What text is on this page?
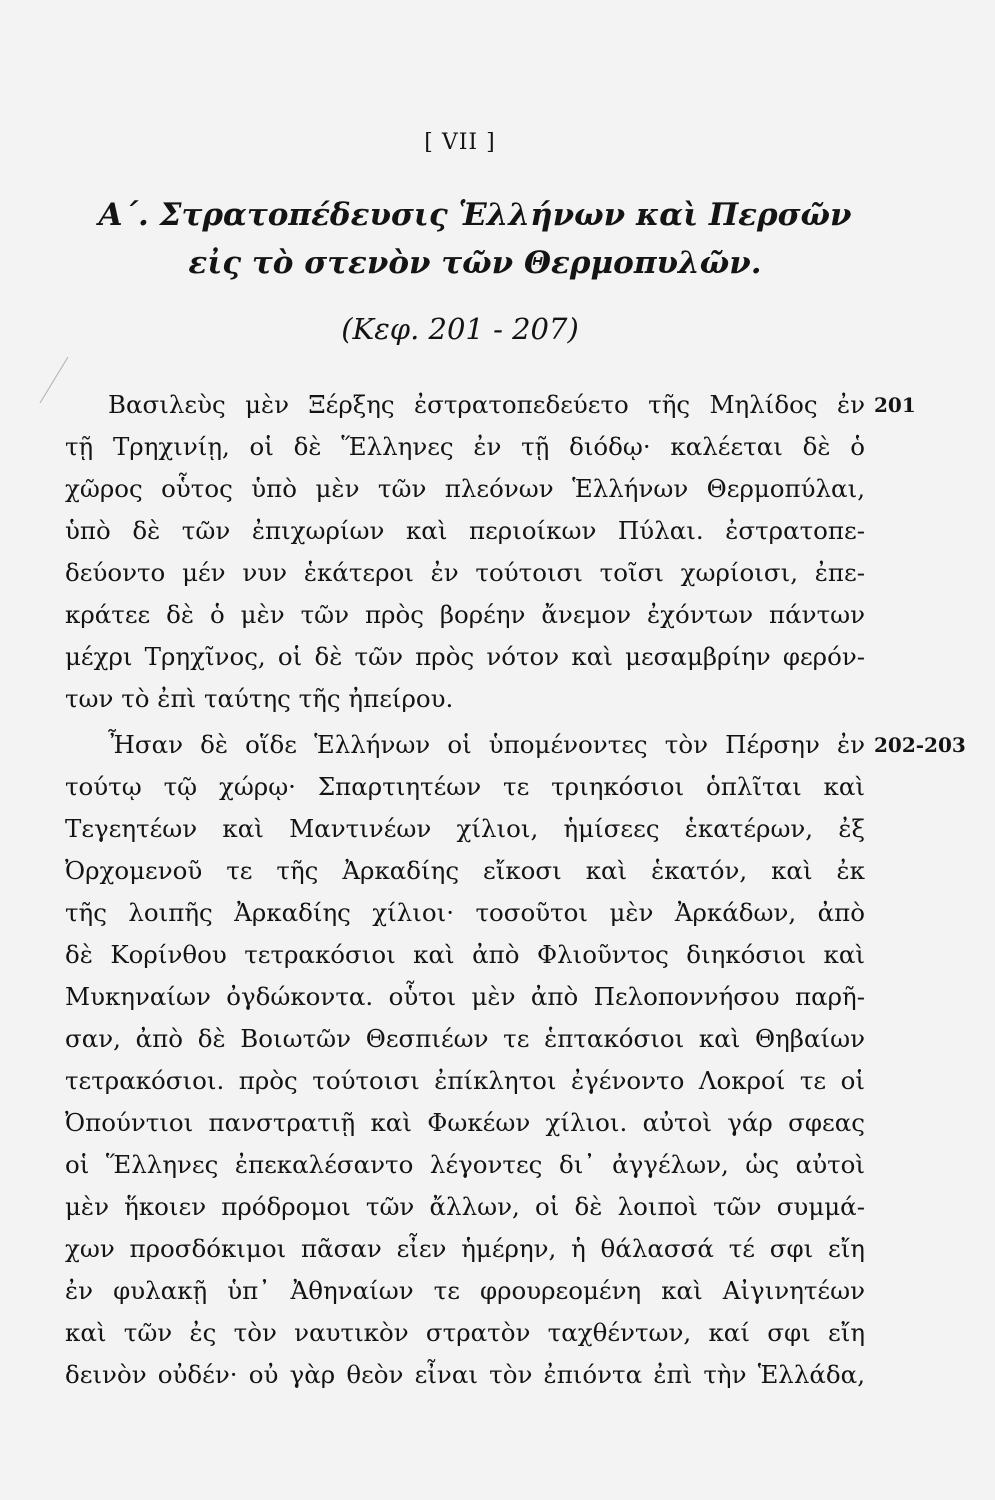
[ VII ]
Α΄. Στρατοπέδευσις Ἑλλήνων καὶ Περσῶν
εἰς τὸ στενὸν τῶν Θερμοπυλῶν.
(Κεφ. 201 - 207)
201
202-203
Βασιλεὺς μὲν Ξέρξης ἐστρατοπεδεύετο τῆς Μηλίδος ἐν
τῇ Τρηχινίῃ, οἱ δὲ Ἕλληνες ἐν τῇ διόδῳ· καλέεται δὲ ὁ
χῶρος οὗτος ὑπὸ μὲν τῶν πλεόνων Ἑλλήνων Θερμοπύλαι,
ὑπὸ δὲ τῶν ἐπιχωρίων καὶ περιοίκων Πύλαι. ἐστρατοπε-
δεύοντο μέν νυν ἑκάτεροι ἐν τούτοισι τοῖσι χωρίοισι, ἐπε-
κράτεε δὲ ὁ μὲν τῶν πρὸς βορέην ἄνεμον ἐχόντων πάντων
μέχρι Τρηχῖνος, οἱ δὲ τῶν πρὸς νότον καὶ μεσαμβρίην φερόν-
των τὸ ἐπὶ ταύτης τῆς ἠπείρου.
Ἦσαν δὲ οἵδε Ἑλλήνων οἱ ὑπομένοντες τὸν Πέρσην ἐν
τούτῳ τῷ χώρῳ· Σπαρτιητέων τε τριηκόσιοι ὁπλῖται καὶ
Τεγεητέων καὶ Μαντινέων χίλιοι, ἡμίσεες ἑκατέρων, ἐξ
Ὀρχομενοῦ τε τῆς Ἀρκαδίης εἴκοσι καὶ ἑκατόν, καὶ ἐκ
τῆς λοιπῆς Ἀρκαδίης χίλιοι· τοσοῦτοι μὲν Ἀρκάδων, ἀπὸ
δὲ Κορίνθου τετρακόσιοι καὶ ἀπὸ Φλιοῦντος διηκόσιοι καὶ
Μυκηναίων ὀγδώκοντα. οὗτοι μὲν ἀπὸ Πελοποννήσου παρῆ-
σαν, ἀπὸ δὲ Βοιωτῶν Θεσπιέων τε ἑπτακόσιοι καὶ Θηβαίων
τετρακόσιοι. πρὸς τούτοισι ἐπίκλητοι ἐγένοντο Λοκροί τε οἱ
Ὀπούντιοι πανστρατιῇ καὶ Φωκέων χίλιοι. αὐτοὶ γάρ σφεας
οἱ Ἕλληνες ἐπεκαλέσαντο λέγοντες δι᾽ ἀγγέλων, ὡς αὐτοὶ
μὲν ἥκοιεν πρόδρομοι τῶν ἄλλων, οἱ δὲ λοιποὶ τῶν συμμά-
χων προσδόκιμοι πᾶσαν εἶεν ἡμέρην, ἡ θάλασσά τέ σφι εἴη
ἐν φυλακῇ ὑπ᾽ Ἀθηναίων τε φρουρεομένη καὶ Αἰγινητέων
καὶ τῶν ἐς τὸν ναυτικὸν στρατὸν ταχθέντων, καί σφι εἴη
δεινὸν οὐδέν· οὐ γὰρ θεὸν εἶναι τὸν ἐπιόντα ἐπὶ τὴν Ἑλλάδα,
